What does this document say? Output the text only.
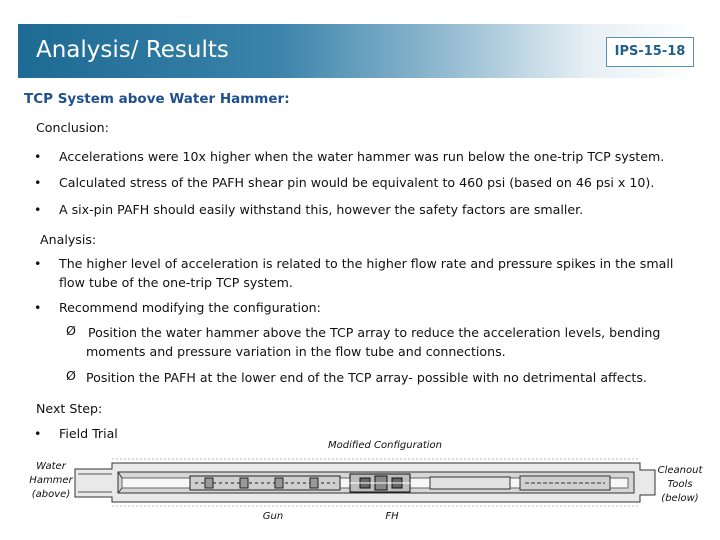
Analysis/ Results	IPS-15-18
TCP System above Water Hammer:
Conclusion:
• Accelerations were 10x higher when the water hammer was run below the one-trip TCP system.
• Calculated stress of the PAFH shear pin would be equivalent to 460 psi (based on 46 psi x 10).
• A six-pin PAFH should easily withstand this, however the safety factors are smaller.
Analysis:
• The higher level of acceleration is related to the higher flow rate and pressure spikes in the small
flow tube of the one-trip TCP system.
• Recommend modifying the configuration:
Ø Position the water hammer above the TCP array to reduce the acceleration levels, bending
moments and pressure variation in the flow tube and connections.
Ø Position the PAFH at the lower end of the TCP array- possible with no detrimental affects.
Next Step:
• Field Trial
Modified Configuration
Water
Hammer
(above)
Cleanout
Tools
(below)
Gun	FH
